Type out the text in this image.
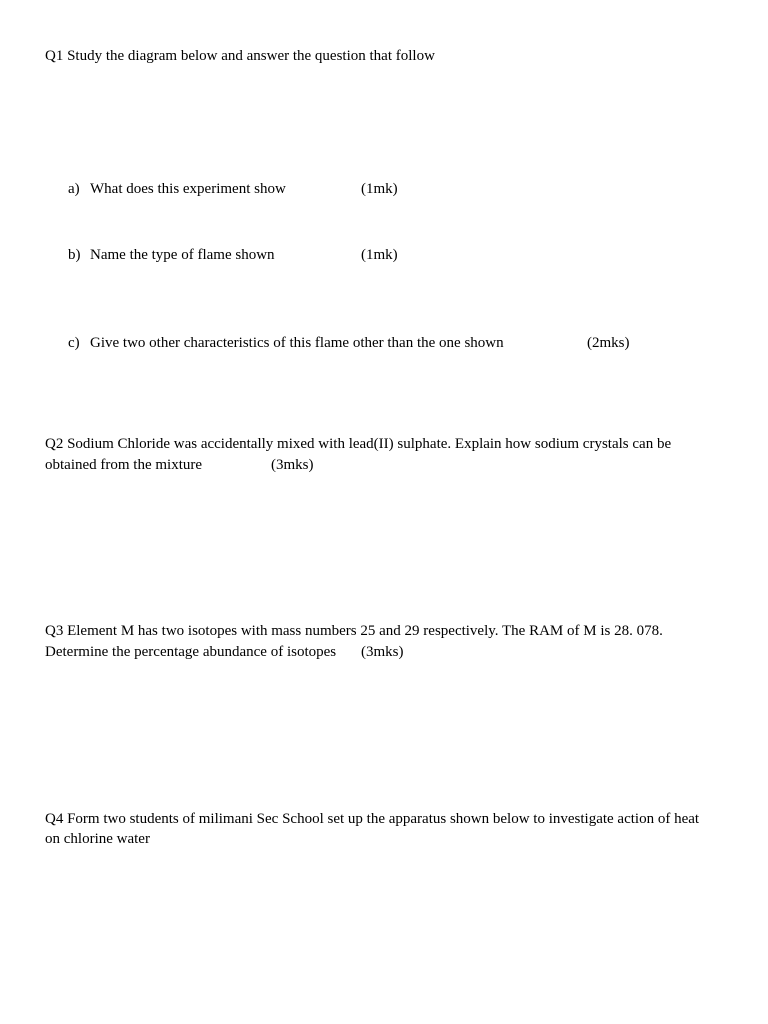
Q1 Study the diagram below and answer the question that follow
a) What does this experiment show	(1mk)
b) Name the type of flame shown	(1mk)
c) Give two other characteristics of this flame other than the one shown	(2mks)
Q2 Sodium Chloride was accidentally mixed with lead(II) sulphate. Explain how sodium crystals can be
obtained from the mixture	(3mks)
Q3 Element M has two isotopes with mass numbers 25 and 29 respectively. The RAM of M is 28. 078.
Determine the percentage abundance of isotopes (3mks)
Q4 Form two students of milimani Sec School set up the apparatus shown below to investigate action of heat
on chlorine water
